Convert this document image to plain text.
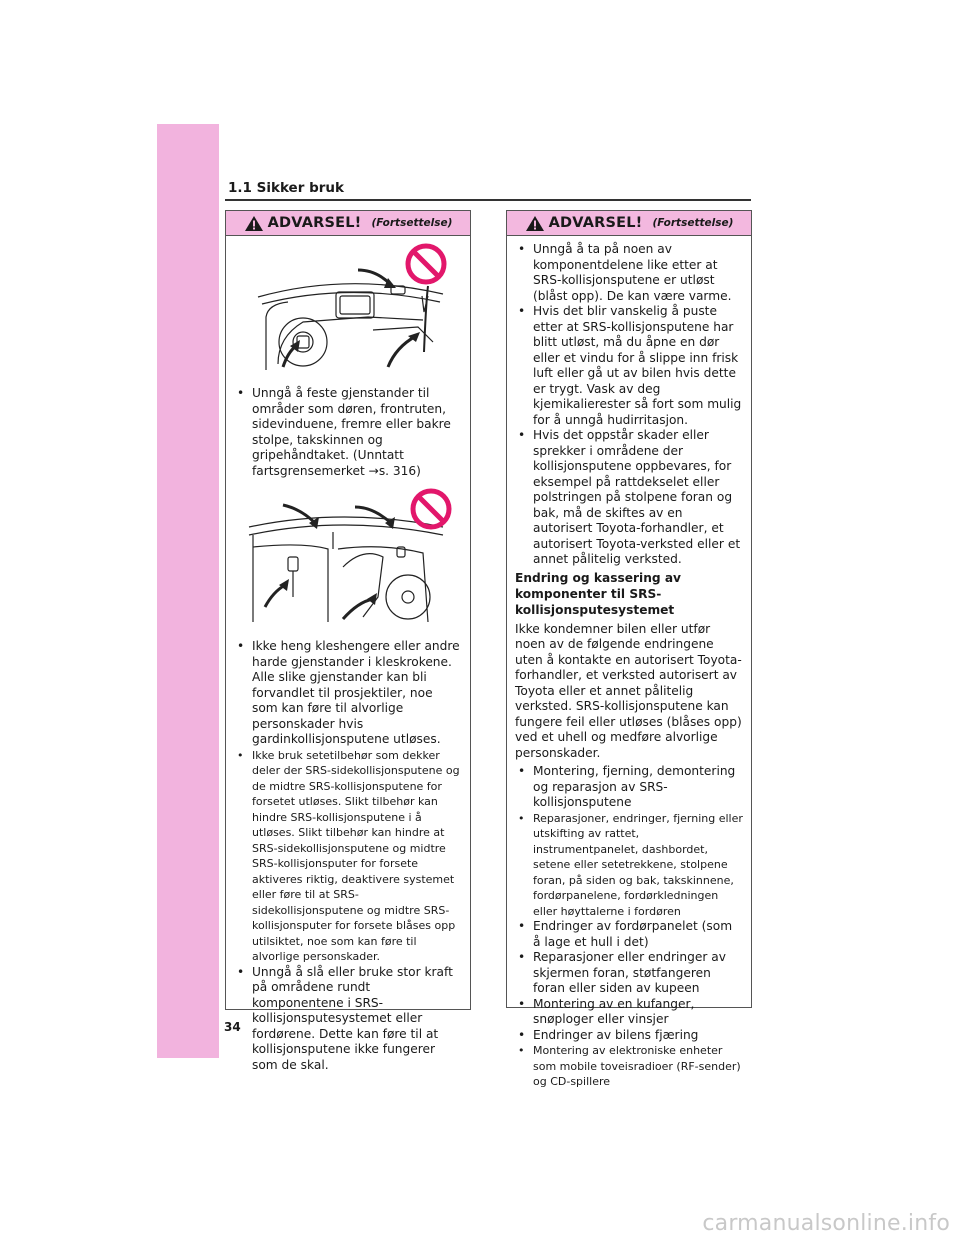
1.1 Sikker bruk
ADVARSEL! (Fortsettelse)

• Unngå å feste gjenstander til områder som døren, frontruten, sidevinduene, fremre eller bakre stolpe, takskinnen og gripehåndtaket. (Unntatt fartsgrensemerket →s. 316)

• Ikke heng kleshengere eller andre harde gjenstander i kleskrokene. Alle slike gjenstander kan bli forvandlet til prosjektiler, noe som kan føre til alvorlige personskader hvis gardinkollisjonsputene utløses.

• Ikke bruk setetilbehør som dekker deler der SRS-sidekollisjonsputene og de midtre SRS-kollisjonsputene for forsetet utløses. Slikt tilbehør kan hindre SRS-kollisjonsputene i å utløses. Slikt tilbehør kan hindre at SRS-sidekollisjonsputene og midtre SRS-kollisjonsputer for forsete aktiveres riktig, deaktivere systemet eller føre til at SRS-sidekollisjonsputene og midtre SRS-kollisjonsputer for forsete blåses opp utilsiktet, noe som kan føre til alvorlige personskader.

• Unngå å slå eller bruke stor kraft på områdene rundt komponentene i SRS-kollisjonsputesystemet eller fordørene. Dette kan føre til at kollisjonsputene ikke fungerer som de skal.

ADVARSEL! (Fortsettelse)

• Unngå å ta på noen av komponentdelene like etter at SRS-kollisjonsputene er utløst (blåst opp). De kan være varme.

• Hvis det blir vanskelig å puste etter at SRS-kollisjonsputene har blitt utløst, må du åpne en dør eller et vindu for å slippe inn frisk luft eller gå ut av bilen hvis dette er trygt. Vask av deg kjemikalierester så fort som mulig for å unngå hudirritasjon.

• Hvis det oppstår skader eller sprekker i områdene der kollisjonsputene oppbevares, for eksempel på rattdekselet eller polstringen på stolpene foran og bak, må de skiftes av en autorisert Toyota-forhandler, et autorisert Toyota-verksted eller et annet pålitelig verksted.

Endring og kassering av komponenter til SRS-kollisjonsputesystemet

Ikke kondemner bilen eller utfør noen av de følgende endringene uten å kontakte en autorisert Toyota-forhandler, et verksted autorisert av Toyota eller et annet pålitelig verksted. SRS-kollisjonsputene kan fungere feil eller utløses (blåses opp) ved et uhell og medføre alvorlige personskader.

• Montering, fjerning, demontering og reparasjon av SRS-kollisjonsputene

• Reparasjoner, endringer, fjerning eller utskifting av rattet, instrumentpanelet, dashbordet, setene eller setetrekkene, stolpene foran, på siden og bak, takskinnene, fordørpanelene, fordørkledningen eller høyttalerne i fordøren

• Endringer av fordørpanelet (som å lage et hull i det)

• Reparasjoner eller endringer av skjermen foran, støtfangeren foran eller siden av kupeen

• Montering av en kufanger, snøploger eller vinsjer

• Endringer av bilens fjæring

• Montering av elektroniske enheter som mobile toveisradioer (RF-sender) og CD-spillere

34
carmanualsonline.info
